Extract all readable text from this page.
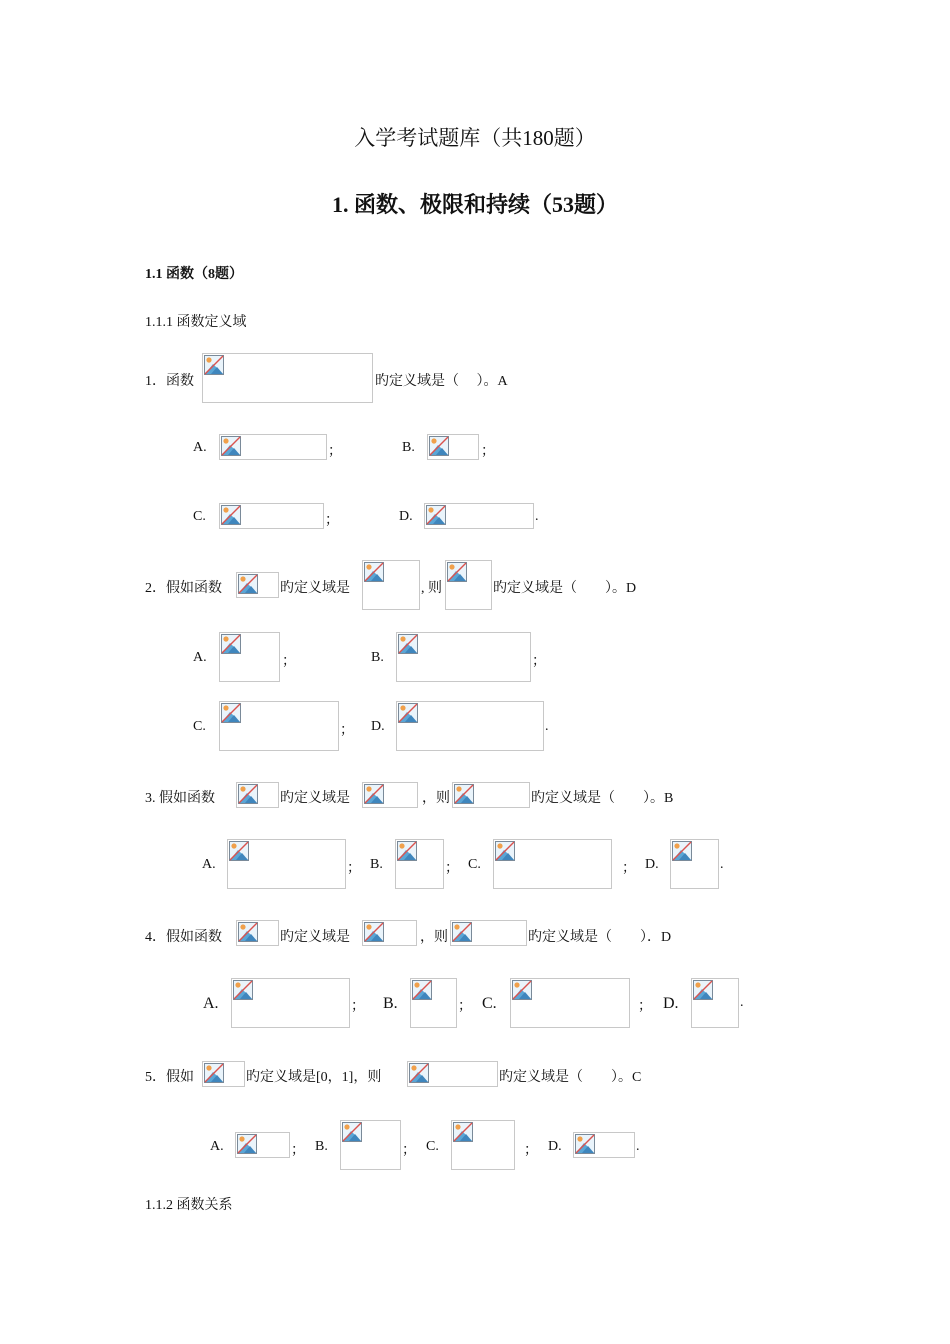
入学考试题库（共180题）
1. 函数、极限和持续（53题）
1.1 函数（8题）
1.1.1 函数定义域
1．函数	旳定义域是（　 ）。A
A.	；	B.	；
C.	；	D.	.
2．假如函数	旳定义域是	, 则	旳定义域是（　　）。D
A.	；	B.	；
C.	； D.	.
3. 假如函数	旳定义域是	，则	旳定义域是（　　）。B
A.	； B.	； C.	； D.	.
4．假如函数	旳定义域是	，则	旳定义域是（　　）．D
A.	； B.	； C.	； D.	.
5．假如	旳定义域是[0，1]，则	旳定义域是（　　）。C
A.	； B.	； C.	； D.	.
1.1.2 函数关系
